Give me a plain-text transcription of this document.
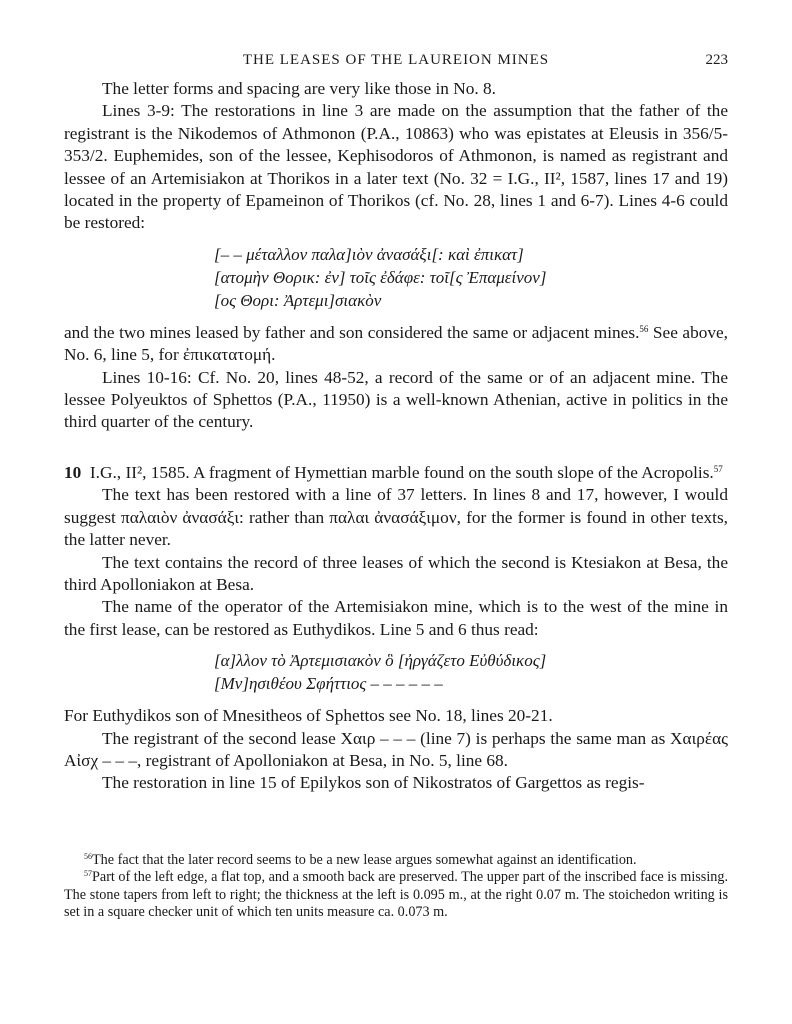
THE LEASES OF THE LAUREION MINES	223

The letter forms and spacing are very like those in No. 8.

Lines 3-9: The restorations in line 3 are made on the assumption that the father of the registrant is the Nikodemos of Athmonon (P.A., 10863) who was epistates at Eleusis in 356/5-353/2. Euphemides, son of the lessee, Kephisodoros of Athmonon, is named as registrant and lessee of an Artemisiakon at Thorikos in a later text (No. 32 = I.G., II², 1587, lines 17 and 19) located in the property of Epameinon of Thorikos (cf. No. 28, lines 1 and 6-7). Lines 4-6 could be restored:

[– – μέταλλον παλα]ιὸν ἀνασάξι[: καὶ ἐπικατ]
[ατομὴν Θορικ: ἐν] τοῖς ἐδάφε: τοῖ[ς Ἐπαμείνον]
[ος Θορι: Ἀρτεμι]σιακὸν

and the two mines leased by father and son considered the same or adjacent mines.$^{56}$ See above, No. 6, line 5, for ἐπικατατομή.

Lines 10-16: Cf. No. 20, lines 48-52, a record of the same or of an adjacent mine. The lessee Polyeuktos of Sphettos (P.A., 11950) is a well-known Athenian, active in politics in the third quarter of the century.

10 I.G., II², 1585. A fragment of Hymettian marble found on the south slope of the Acropolis.$^{57}$

The text has been restored with a line of 37 letters. In lines 8 and 17, however, I would suggest παλαιὸν ἀνασάξι: rather than παλαι ἀνασάξιμον, for the former is found in other texts, the latter never.

The text contains the record of three leases of which the second is Ktesiakon at Besa, the third Apolloniakon at Besa.

The name of the operator of the Artemisiakon mine, which is to the west of the mine in the first lease, can be restored as Euthydikos. Line 5 and 6 thus read:

[α]λλον τὸ Ἀρτεμισιακὸν ὃ [ἠργάζετο Εὐθύδικος]
[Μν]ησιθέου Σφήττιος – – – – – –

For Euthydikos son of Mnesitheos of Sphettos see No. 18, lines 20-21.

The registrant of the second lease Χαιρ – – – (line 7) is perhaps the same man as Χαιρέας Αἰσχ – – –, registrant of Apolloniakon at Besa, in No. 5, line 68.

The restoration in line 15 of Epilykos son of Nikostratos of Gargettos as regis-

$^{56}$The fact that the later record seems to be a new lease argues somewhat against an identification.

$^{57}$Part of the left edge, a flat top, and a smooth back are preserved. The upper part of the inscribed face is missing. The stone tapers from left to right; the thickness at the left is 0.095 m., at the right 0.07 m. The stoichedon writing is set in a square checker unit of which ten units measure ca. 0.073 m.
